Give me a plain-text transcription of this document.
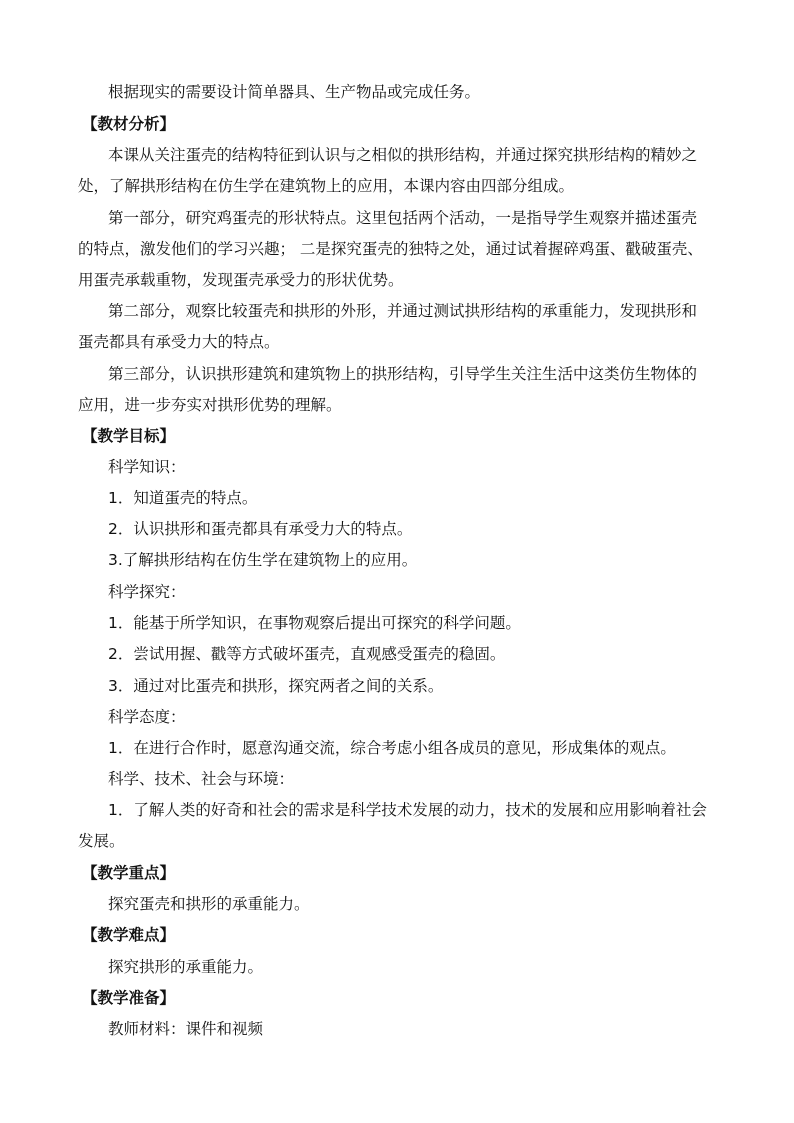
根据现实的需要设计简单器具、生产物品或完成任务。

【教材分析】

本课从关注蛋壳的结构特征到认识与之相似的拱形结构，并通过探究拱形结构的精妙之

处，了解拱形结构在仿生学在建筑物上的应用，本课内容由四部分组成。

第一部分，研究鸡蛋壳的形状特点。这里包括两个活动，一是指导学生观察并描述蛋壳

的特点，激发他们的学习兴趣； 二是探究蛋壳的独特之处，通过试着握碎鸡蛋、戳破蛋壳、

用蛋壳承载重物，发现蛋壳承受力的形状优势。

第二部分，观察比较蛋壳和拱形的外形，并通过测试拱形结构的承重能力，发现拱形和

蛋壳都具有承受力大的特点。

第三部分，认识拱形建筑和建筑物上的拱形结构，引导学生关注生活中这类仿生物体的

应用，进一步夯实对拱形优势的理解。

【教学目标】

科学知识：

1．知道蛋壳的特点。

2．认识拱形和蛋壳都具有承受力大的特点。

3.了解拱形结构在仿生学在建筑物上的应用。

科学探究：

1．能基于所学知识，在事物观察后提出可探究的科学问题。

2．尝试用握、戳等方式破坏蛋壳，直观感受蛋壳的稳固。

3．通过对比蛋壳和拱形，探究两者之间的关系。

科学态度：

1．在进行合作时，愿意沟通交流，综合考虑小组各成员的意见，形成集体的观点。

科学、技术、社会与环境：

1．了解人类的好奇和社会的需求是科学技术发展的动力，技术的发展和应用影响着社会

发展。

【教学重点】

探究蛋壳和拱形的承重能力。

【教学难点】

探究拱形的承重能力。

【教学准备】

教师材料：课件和视频
